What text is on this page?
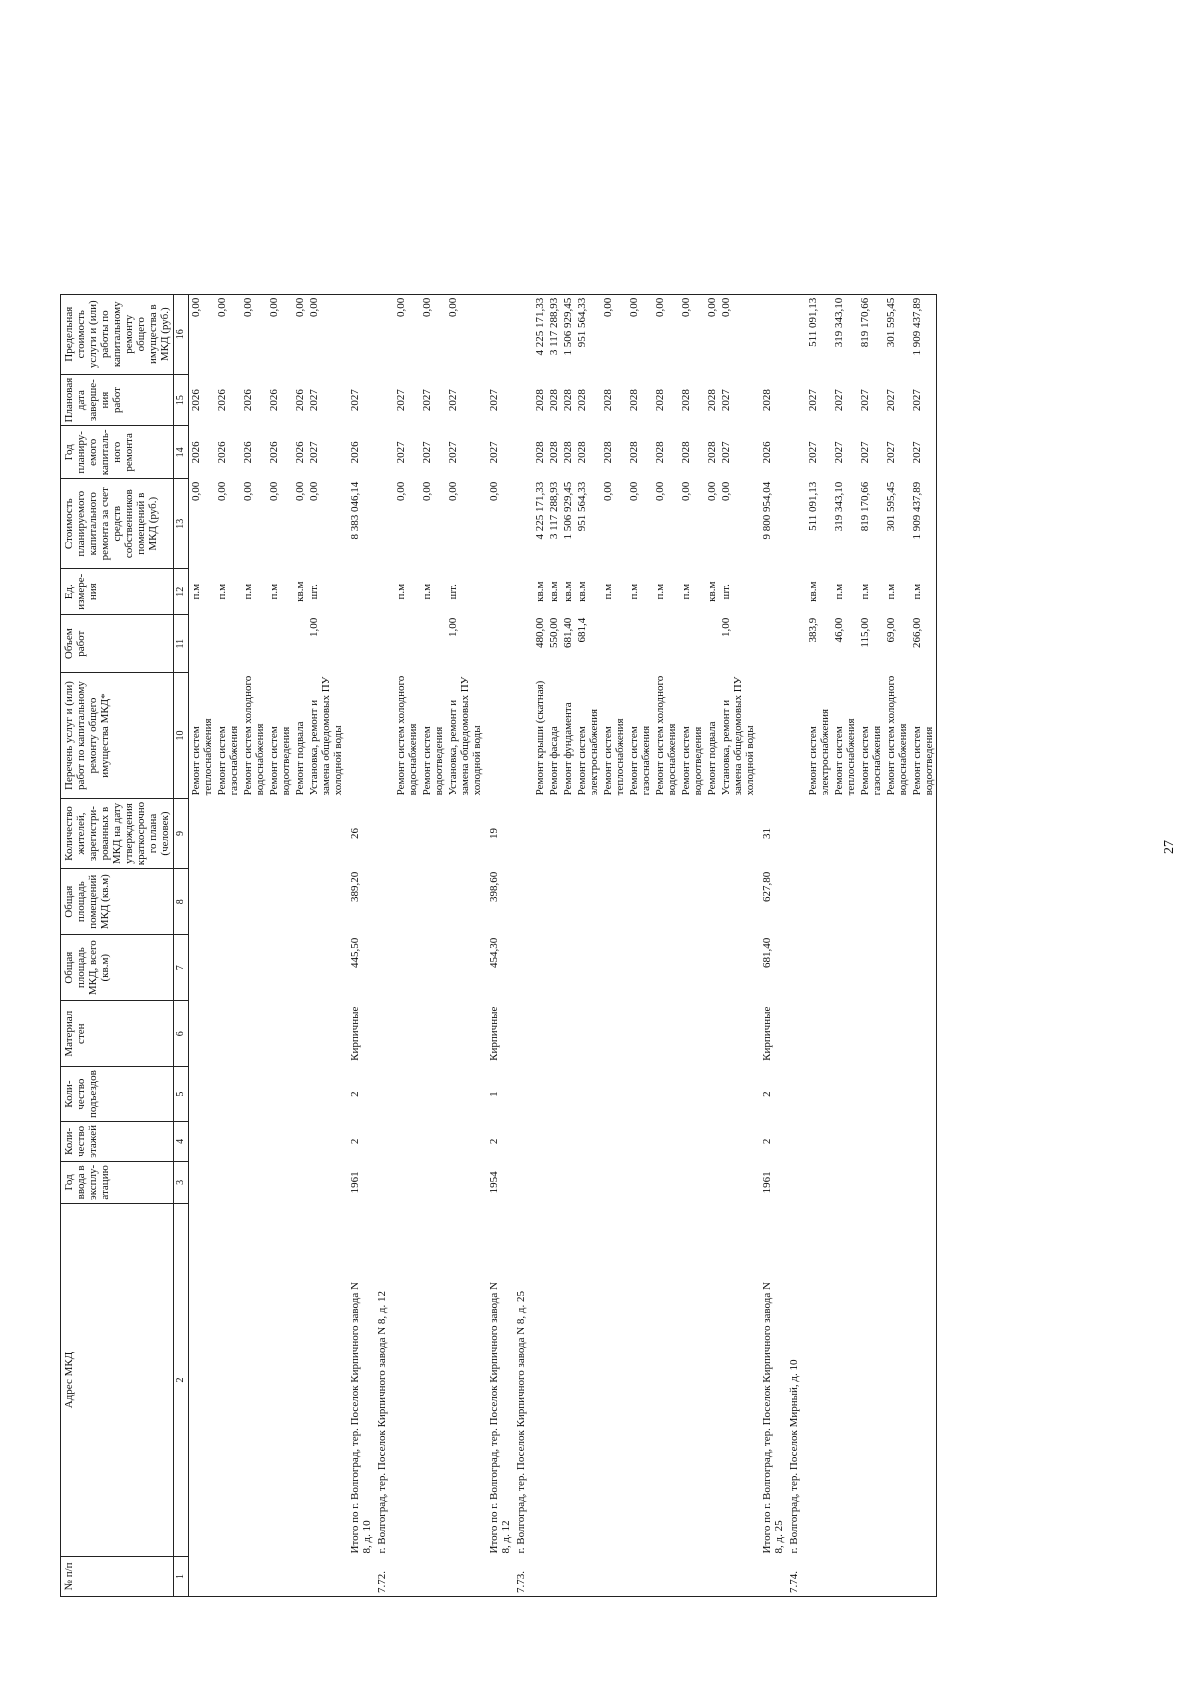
27
№ п/п	Адрес МКД	Год ввода в эксплу-атацию	Коли-чество этажей	Коли-чество подъездов	Материал стен	Общая площадь МКД, всего (кв.м)	Общая площадь помещений МКД (кв.м)	Количество жителей, зарегистри-рованных в МКД на дату утверждения краткосрочно го плана (человек)	Перечень услуг и (или) работ по капитальному ремонту общего имущества МКД*	Объем работ	Ед. измере-ния	Стоимость планируемого капитального ремонта за счет средств собственников помещений в МКД (руб.)	Год планиру-емого капиталь-ного ремонта	Плановая дата заверше-ния работ	Предельная стоимость услуги и (или) работы по капитальному ремонту общего имущества в МКД (руб.)
1	2	3	4	5	6	7	8	9	10	11	12	13	14	15	16

									Ремонт систем теплоснабжения		п.м	0,00	2026	2026	0,00

									Ремонт систем газоснабжения		п.м	0,00	2026	2026	0,00

									Ремонт систем холодного водоснабжения		п.м	0,00	2026	2026	0,00

									Ремонт систем водоотведения		п.м	0,00	2026	2026	0,00

									Ремонт подвала		кв.м	0,00	2026	2026	0,00

									Установка, ремонт и замена общедомовых ПУ холодной воды	1,00	шт.	0,00	2027	2027	0,00

	Итого по г. Волгоград, тер. Поселок Кирпичного завода N 8, д. 10	1961	2	2	Кирпичные	445,50	389,20	26				8 383 046,14	2026	2027	
7.72.	г. Волгоград, тер. Поселок Кирпичного завода N 8, д. 12														

									Ремонт систем холодного водоснабжения		п.м	0,00	2027	2027	0,00

									Ремонт систем водоотведения		п.м	0,00	2027	2027	0,00

									Установка, ремонт и замена общедомовых ПУ холодной воды	1,00	шт.	0,00	2027	2027	0,00

	Итого по г. Волгоград, тер. Поселок Кирпичного завода N 8, д. 12	1954	2	1	Кирпичные	454,30	398,60	19				0,00	2027	2027	
7.73.	г. Волгоград, тер. Поселок Кирпичного завода N 8, д. 25														

									Ремонт крыши (скатная)	480,00	кв.м	4 225 171,33	2028	2028	4 225 171,33

									Ремонт фасада	550,00	кв.м	3 117 288,93	2028	2028	3 117 288,93

									Ремонт фундамента	681,40	кв.м	1 506 929,45	2028	2028	1 506 929,45

									Ремонт систем электроснабжения	681,4	кв.м	951 564,33	2028	2028	951 564,33

									Ремонт систем теплоснабжения		п.м	0,00	2028	2028	0,00

									Ремонт систем газоснабжения		п.м	0,00	2028	2028	0,00

									Ремонт систем холодного водоснабжения		п.м	0,00	2028	2028	0,00

									Ремонт систем водоотведения		п.м	0,00	2028	2028	0,00

									Ремонт подвала		кв.м	0,00	2028	2028	0,00

									Установка, ремонт и замена общедомовых ПУ холодной воды	1,00	шт.	0,00	2027	2027	0,00

	Итого по г. Волгоград, тер. Поселок Кирпичного завода N 8, д. 25	1961	2	2	Кирпичные	681,40	627,80	31				9 800 954,04	2026	2028	
7.74.	г. Волгоград, тер. Поселок Мирный, д. 10														

									Ремонт систем электроснабжения	383,9	кв.м	511 091,13	2027	2027	511 091,13

									Ремонт систем теплоснабжения	46,00	п.м	319 343,10	2027	2027	319 343,10

									Ремонт систем газоснабжения	115,00	п.м	819 170,66	2027	2027	819 170,66

									Ремонт систем холодного водоснабжения	69,00	п.м	301 595,45	2027	2027	301 595,45

									Ремонт систем водоотведения	266,00	п.м	1 909 437,89	2027	2027	1 909 437,89
